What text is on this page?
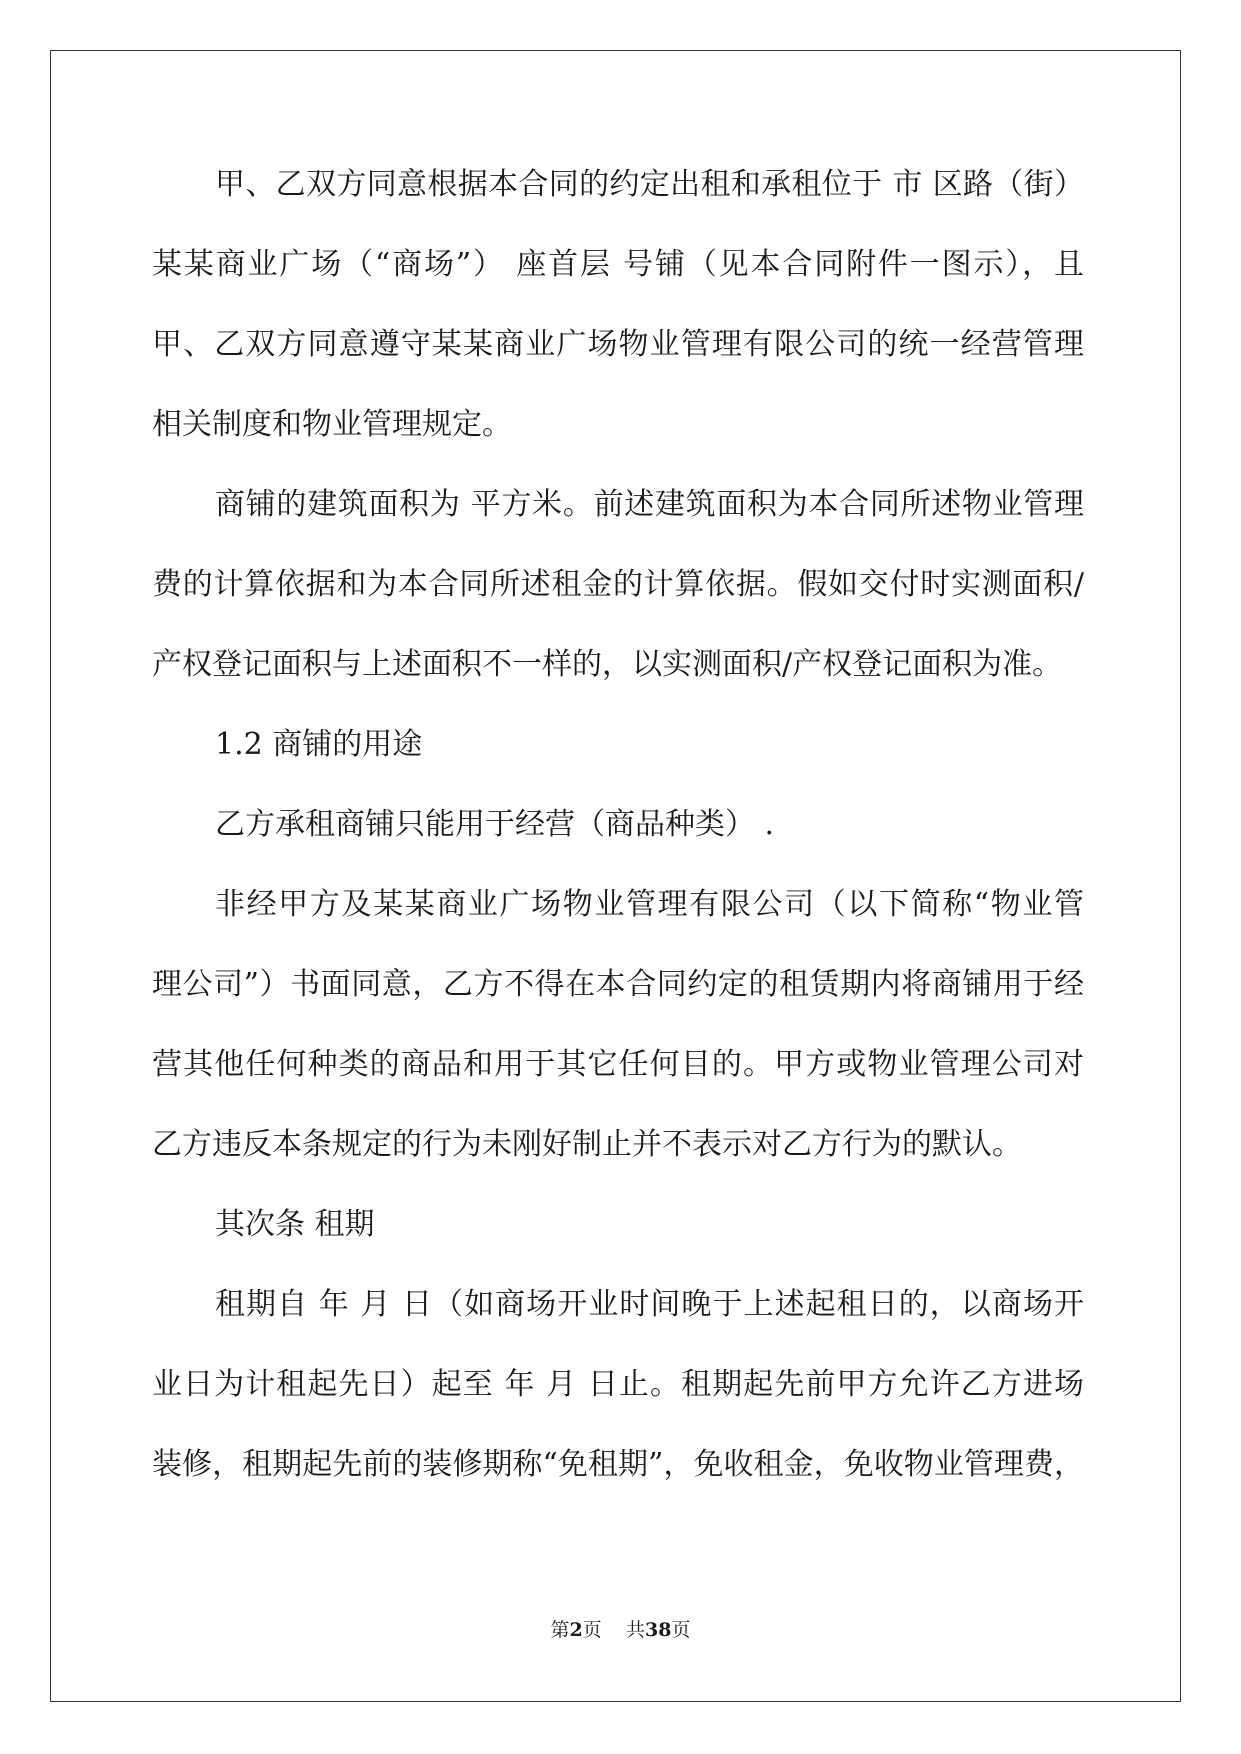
甲、乙双方同意根据本合同的约定出租和承租位于 市 区路（街）
某某商业广场（“商场”） 座首层 号铺（见本合同附件一图示），且
甲、乙双方同意遵守某某商业广场物业管理有限公司的统一经营管理
相关制度和物业管理规定。
商铺的建筑面积为 平方米。前述建筑面积为本合同所述物业管理
费的计算依据和为本合同所述租金的计算依据。假如交付时实测面积/
产权登记面积与上述面积不一样的，以实测面积/产权登记面积为准。
1.2 商铺的用途
乙方承租商铺只能用于经营（商品种类） .
非经甲方及某某商业广场物业管理有限公司（以下简称“物业管
理公司”）书面同意，乙方不得在本合同约定的租赁期内将商铺用于经
营其他任何种类的商品和用于其它任何目的。甲方或物业管理公司对
乙方违反本条规定的行为未刚好制止并不表示对乙方行为的默认。
其次条 租期
租期自 年 月 日（如商场开业时间晚于上述起租日的，以商场开
业日为计租起先日）起至 年 月 日止。租期起先前甲方允许乙方进场
装修，租期起先前的装修期称“免租期”，免收租金，免收物业管理费，
第2页 共38页
